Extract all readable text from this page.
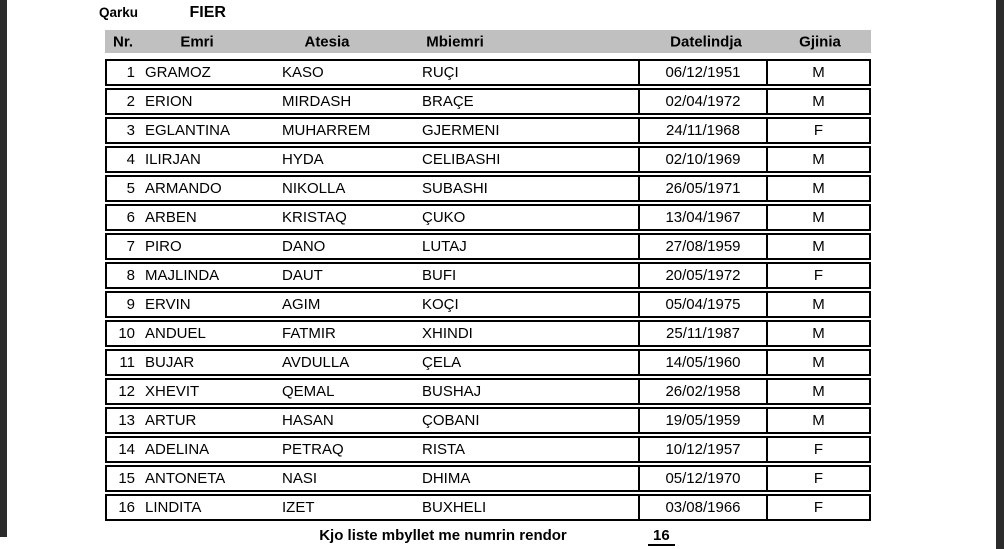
Qarku	FIER
Nr.	Emri	Atesia	Mbiemri	Datelindja	Gjinia
1 GRAMOZ	KASO	RUÇI	06/12/1951	M
2 ERION	MIRDASH	BRAÇE	02/04/1972	M
3 EGLANTINA	MUHARREM	GJERMENI	24/11/1968	F
4 ILIRJAN	HYDA	CELIBASHI	02/10/1969	M
5 ARMANDO	NIKOLLA	SUBASHI	26/05/1971	M
6 ARBEN	KRISTAQ	ÇUKO	13/04/1967	M
7 PIRO	DANO	LUTAJ	27/08/1959	M
8 MAJLINDA	DAUT	BUFI	20/05/1972	F
9 ERVIN	AGIM	KOÇI	05/04/1975	M
10 ANDUEL	FATMIR	XHINDI	25/11/1987	M
11 BUJAR	AVDULLA	ÇELA	14/05/1960	M
12 XHEVIT	QEMAL	BUSHAJ	26/02/1958	M
13 ARTUR	HASAN	ÇOBANI	19/05/1959	M
14 ADELINA	PETRAQ	RISTA	10/12/1957	F
15 ANTONETA	NASI	DHIMA	05/12/1970	F
16 LINDITA	IZET	BUXHELI	03/08/1966	F
Kjo liste mbyllet me numrin rendor	16
